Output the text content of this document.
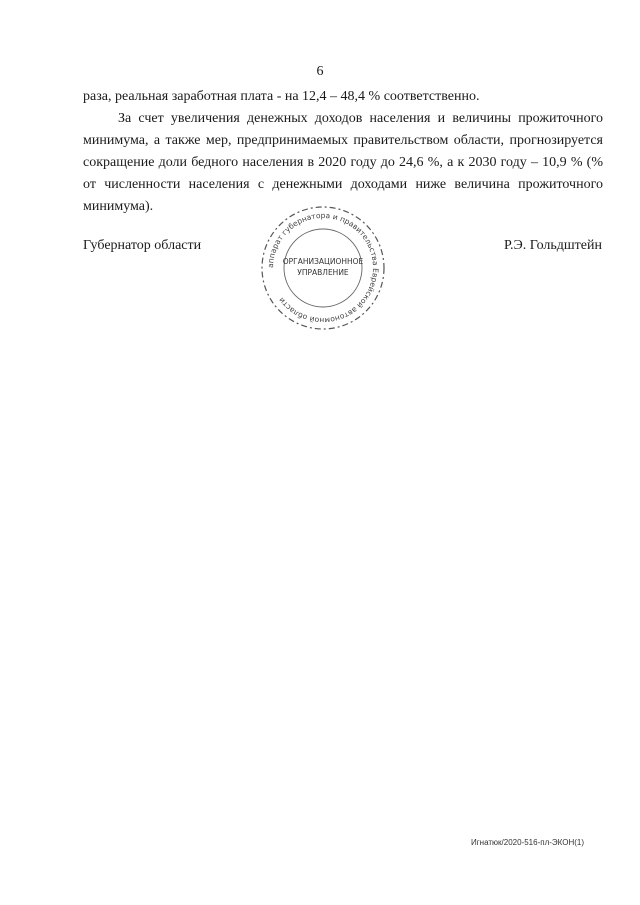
6

раза, реальная заработная плата - на 12,4 – 48,4 % соответственно.

За счет увеличения денежных доходов населения и величины прожиточного минимума, а также мер, предпринимаемых правительством области, прогнозируется сокращение доли бедного населения в 2020 году до 24,6 %, а к 2030 году – 10,9 % (% от численности населения с денежными доходами ниже величина прожиточного минимума).

Губернатор области
аппарат губернатора и правительства Еврейской автономной области
ОРГАНИЗАЦИОННОЕ
УПРАВЛЕНИЕ
Р.Э. Гольдштейн
Игнатюк/2020-516-пл-ЭКОН(1)
